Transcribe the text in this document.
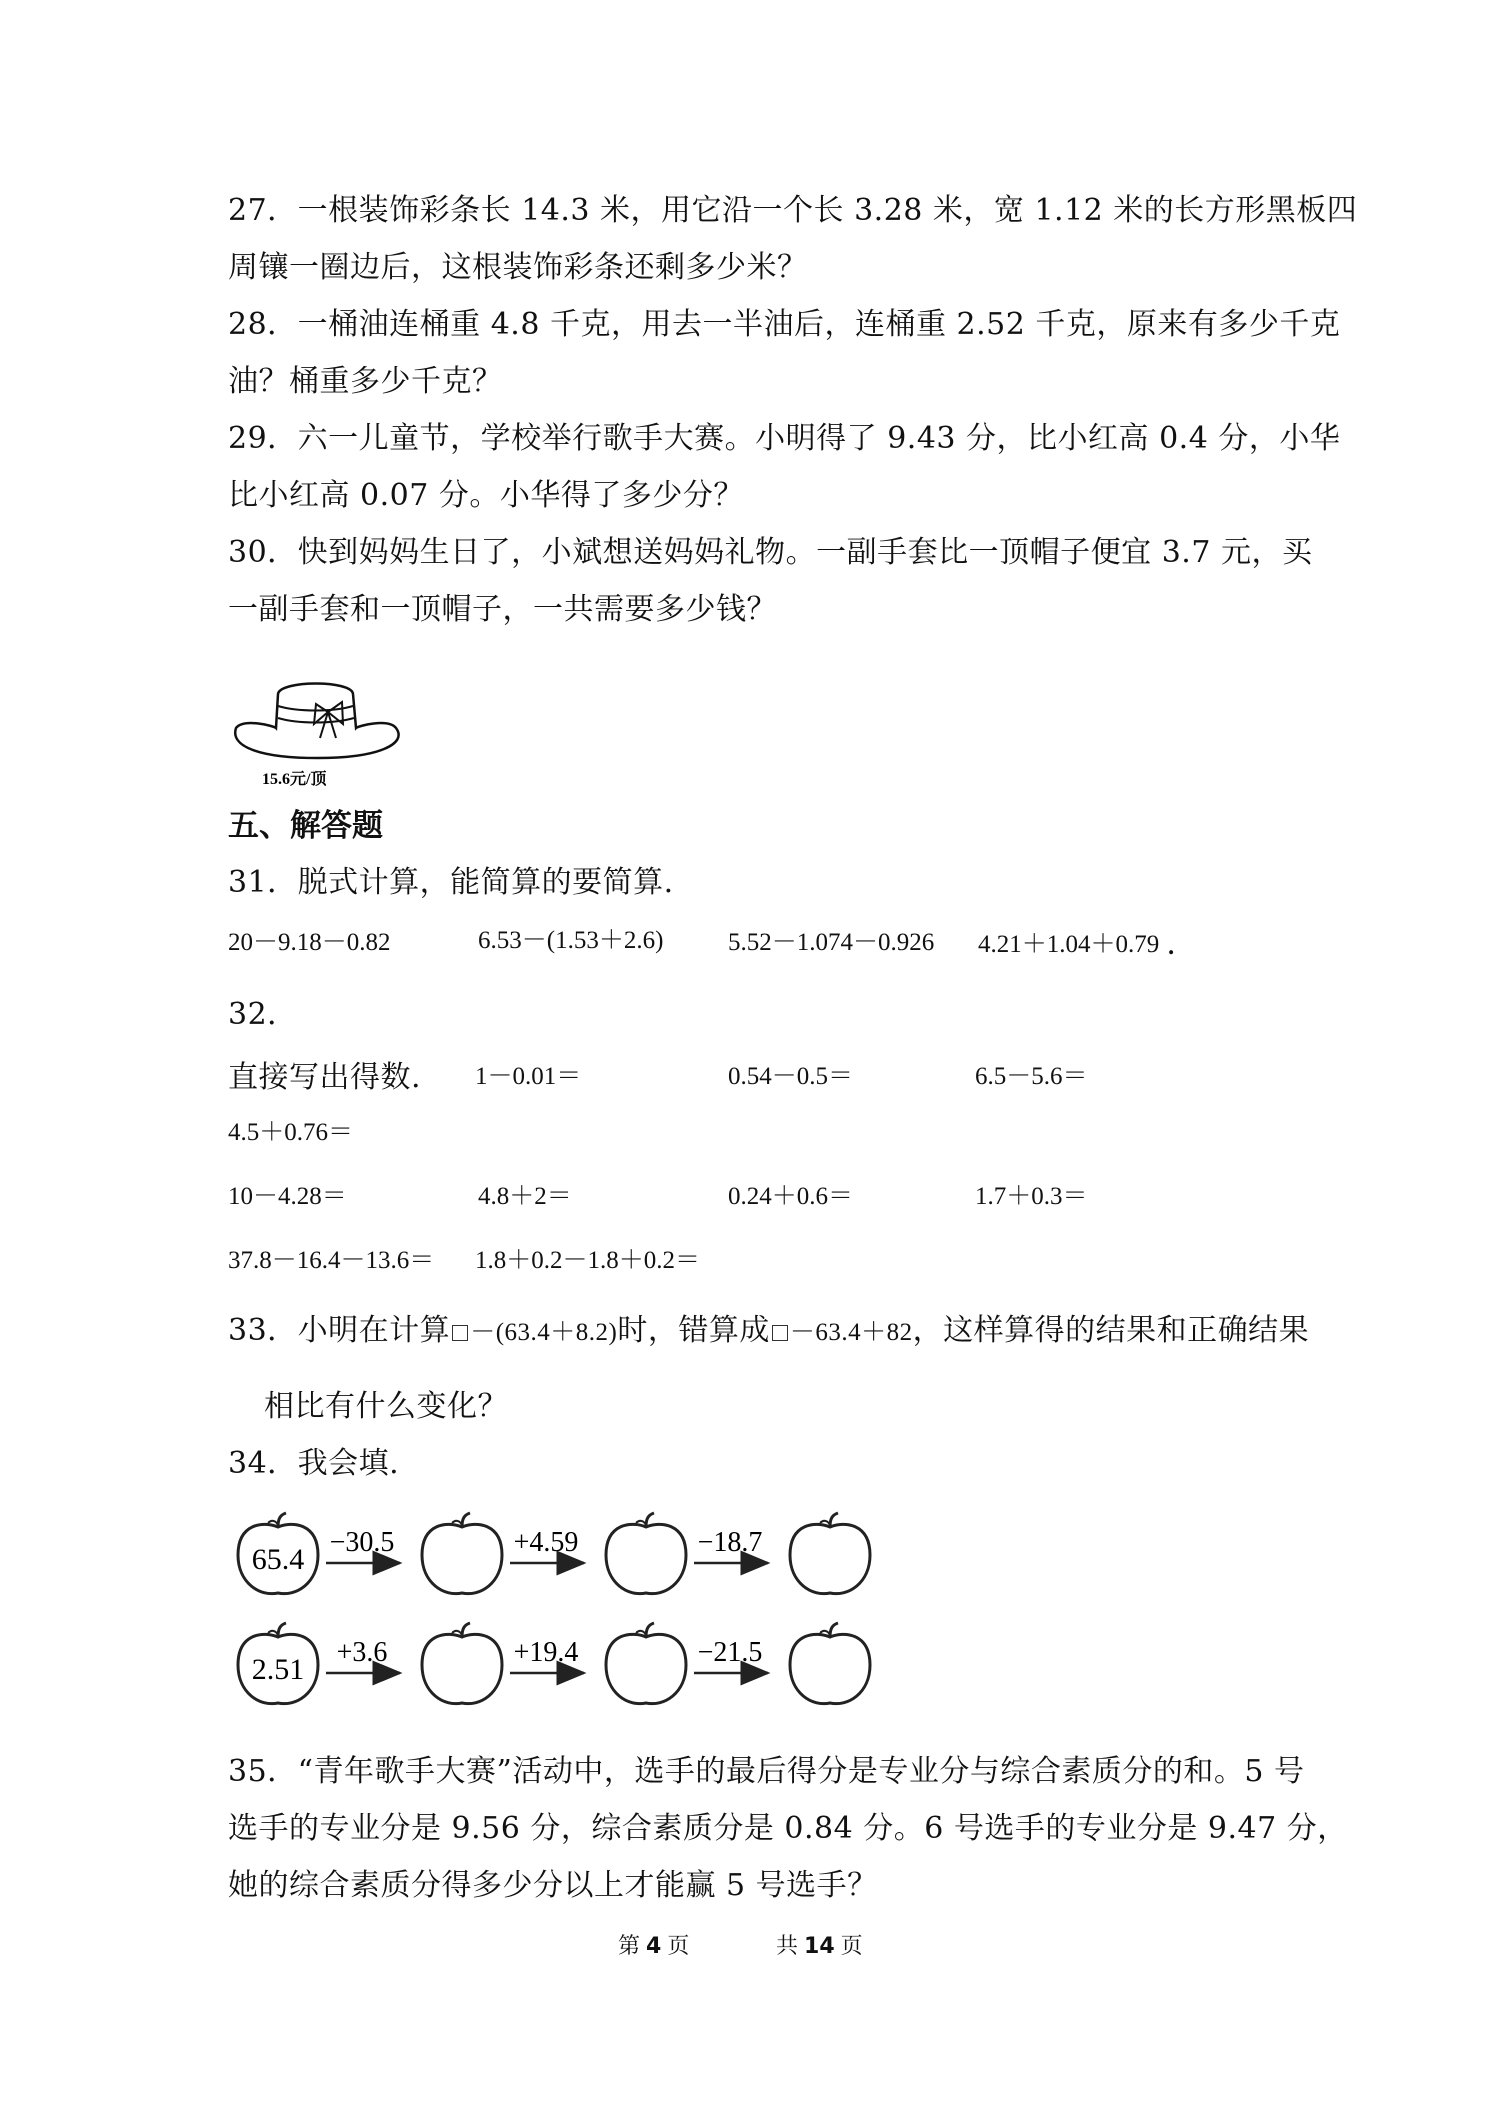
27．一根装饰彩条长 14.3 米，用它沿一个长 3.28 米，宽 1.12 米的长方形黑板四
周镶一圈边后，这根装饰彩条还剩多少米？
28．一桶油连桶重 4.8 千克，用去一半油后，连桶重 2.52 千克，原来有多少千克
油？桶重多少千克？
29．六一儿童节，学校举行歌手大赛。小明得了 9.43 分，比小红高 0.4 分，小华
比小红高 0.07 分。小华得了多少分？
30．快到妈妈生日了，小斌想送妈妈礼物。一副手套比一顶帽子便宜 3.7 元，买
一副手套和一顶帽子，一共需要多少钱？
15.6元/顶
五、解答题
31．脱式计算，能简算的要简算.
20－9.18－0.82	6.53－(1.53＋2.6)	5.52－1.074－0.926 4.21＋1.04＋0.79 .
32．
直接写出得数. 1－0.01＝	0.54－0.5＝	6.5－5.6＝
4.5＋0.76＝
10－4.28＝	4.8＋2＝	0.24＋0.6＝	1.7＋0.3＝
37.8－16.4－13.6＝ 1.8＋0.2－1.8＋0.2＝
33．小明在计算 －(63.4＋8.2)时，错算成 －63.4＋82，这样算得的结果和正确结果
相比有什么变化？
34．我会填.
65.4
−30.5	+4.59	−18.7
2.51
+3.6	+19.4	−21.5
35．“青年歌手大赛”活动中，选手的最后得分是专业分与综合素质分的和。5 号
选手的专业分是 9.56 分，综合素质分是 0.84 分。6 号选手的专业分是 9.47 分，
她的综合素质分得多少分以上才能赢 5 号选手？
第 4 页	共 14 页
